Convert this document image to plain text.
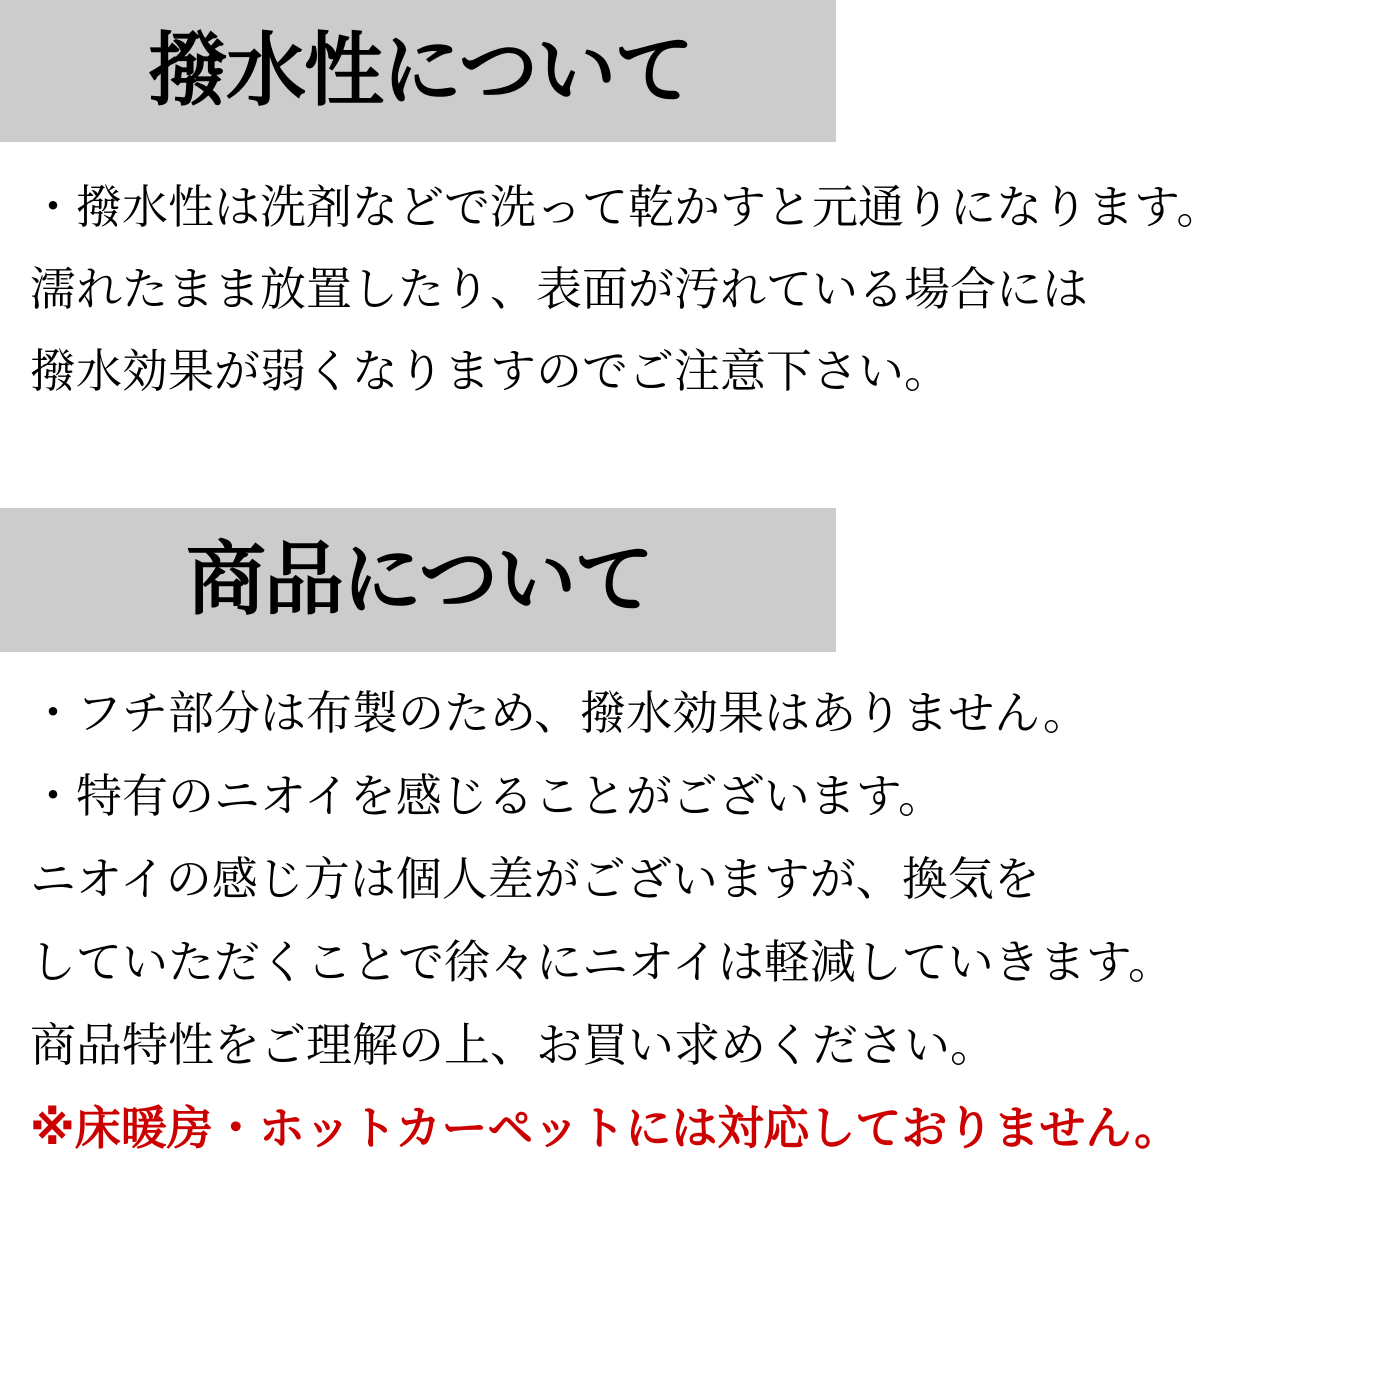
撥水性について

・撥水性は洗剤などで洗って乾かすと元通りになります。

濡れたまま放置したり、表面が汚れている場合には

撥水効果が弱くなりますのでご注意下さい。

商品について

・フチ部分は布製のため、撥水効果はありません。

・特有のニオイを感じることがございます。

ニオイの感じ方は個人差がございますが、換気を

していただくことで徐々にニオイは軽減していきます。

商品特性をご理解の上、お買い求めください。

※床暖房・ホットカーペットには対応しておりません。
